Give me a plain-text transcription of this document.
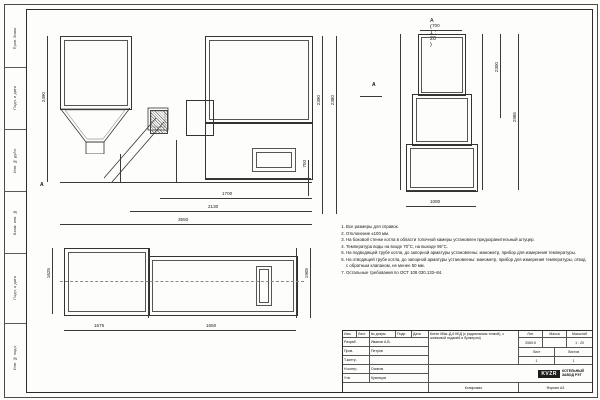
Пров. Взам.
Подп. и дата
Инв. № дубл.
Взам. инв. №
Подп. и дата
Инв. № подл.
2490	2390 2380
700
1700
2130
3550
A
A
A ( 1 : 20 )
700
2300
2985
1080
1625	1905
1675	1650
1. Все размеры для справок.
2. Отклонение ±100 мм.
3. На боковой стенке котла в области топочной камеры установлен предохранительный штуцер.
4. Температура воды на входе 70°C, на выходе 95°C.
5. На подводящей трубе котла, до запорной арматуры установлены: манометр, прибор для измерения температуры.
6. На отводящей трубе котла, до запорной арматуры установлены: манометр, прибор для измерения температуры, отвод с обратным клапаном, не менее 50 мм.
7. Остальные требования по ОСТ 108 030.133–84.
Изм.	Лист	№ докум.	Подп.	Дата
Разраб.	Иванов А.В.
Пров.	Петров
Т.контр.
Н.контр.	Осипов
Утв.	Кузнецов
Котел КВм–Д,6 КБД (с радиальным топкой), с шнековой подачей и бункером)
Лит.	Масса	Масштаб
2069.5	1 : 20
Лист	Листов
1	1
KVZR	КОТЕЛЬНЫЙ
ЗАВОД РЭТ
Копировал	Формат А3
